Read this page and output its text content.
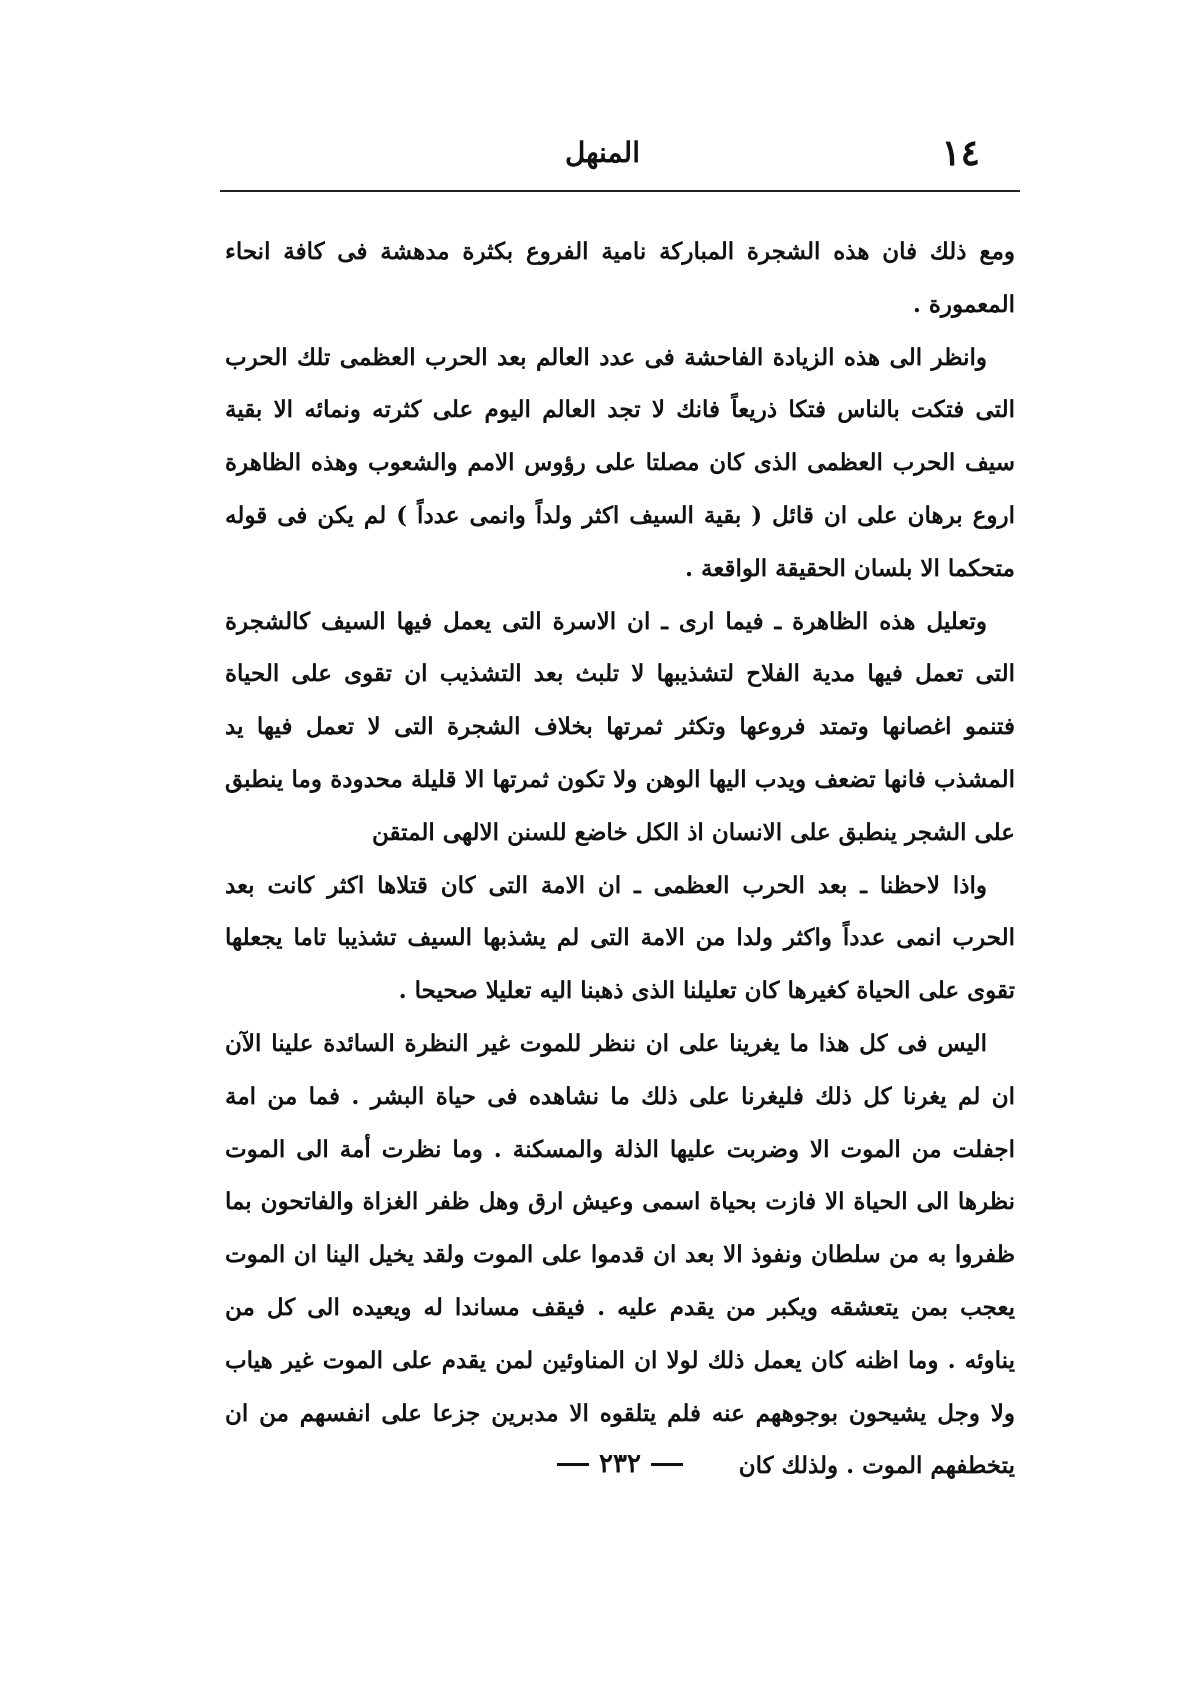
١٤
المنهل

ومع ذلك فان هذه الشجرة المباركة نامية الفروع بكثرة مدهشة فى كافة انحاء المعمورة .

وانظر الى هذه الزيادة الفاحشة فى عدد العالم بعد الحرب العظمى تلك الحرب التى فتكت بالناس فتكا ذريعاً فانك لا تجد العالم اليوم على كثرته ونمائه الا بقية سيف الحرب العظمى الذى كان مصلتا على رؤوس الامم والشعوب وهذه الظاهرة اروع برهان على ان قائل ( بقية السيف اكثر ولداً وانمى عدداً ) لم يكن فى قوله متحكما الا بلسان الحقيقة الواقعة .

وتعليل هذه الظاهرة ـ فيما ارى ـ ان الاسرة التى يعمل فيها السيف كالشجرة التى تعمل فيها مدية الفلاح لتشذيبها لا تلبث بعد التشذيب ان تقوى على الحياة فتنمو اغصانها وتمتد فروعها وتكثر ثمرتها بخلاف الشجرة التى لا تعمل فيها يد المشذب فانها تضعف ويدب اليها الوهن ولا تكون ثمرتها الا قليلة محدودة وما ينطبق على الشجر ينطبق على الانسان اذ الكل خاضع للسنن الالهى المتقن

واذا لاحظنا ـ بعد الحرب العظمى ـ ان الامة التى كان قتلاها اكثر كانت بعد الحرب انمى عدداً واكثر ولدا من الامة التى لم يشذبها السيف تشذيبا تاما يجعلها تقوى على الحياة كغيرها كان تعليلنا الذى ذهبنا اليه تعليلا صحيحا .

اليس فى كل هذا ما يغرينا على ان ننظر للموت غير النظرة السائدة علينا الآن ان لم يغرنا كل ذلك فليغرنا على ذلك ما نشاهده فى حياة البشر . فما من امة اجفلت من الموت الا وضربت عليها الذلة والمسكنة . وما نظرت أمة الى الموت نظرها الى الحياة الا فازت بحياة اسمى وعيش ارق وهل ظفر الغزاة والفاتحون بما ظفروا به من سلطان ونفوذ الا بعد ان قدموا على الموت ولقد يخيل الينا ان الموت يعجب بمن يتعشقه ويكبر من يقدم عليه . فيقف مساندا له ويعيده الى كل من يناوئه . وما اظنه كان يعمل ذلك لولا ان المناوئين لمن يقدم على الموت غير هياب ولا وجل يشيحون بوجوههم عنه فلم يتلقوه الا مدبرين جزعا على انفسهم من ان يتخطفهم الموت . ولذلك كان

٢٣٢
